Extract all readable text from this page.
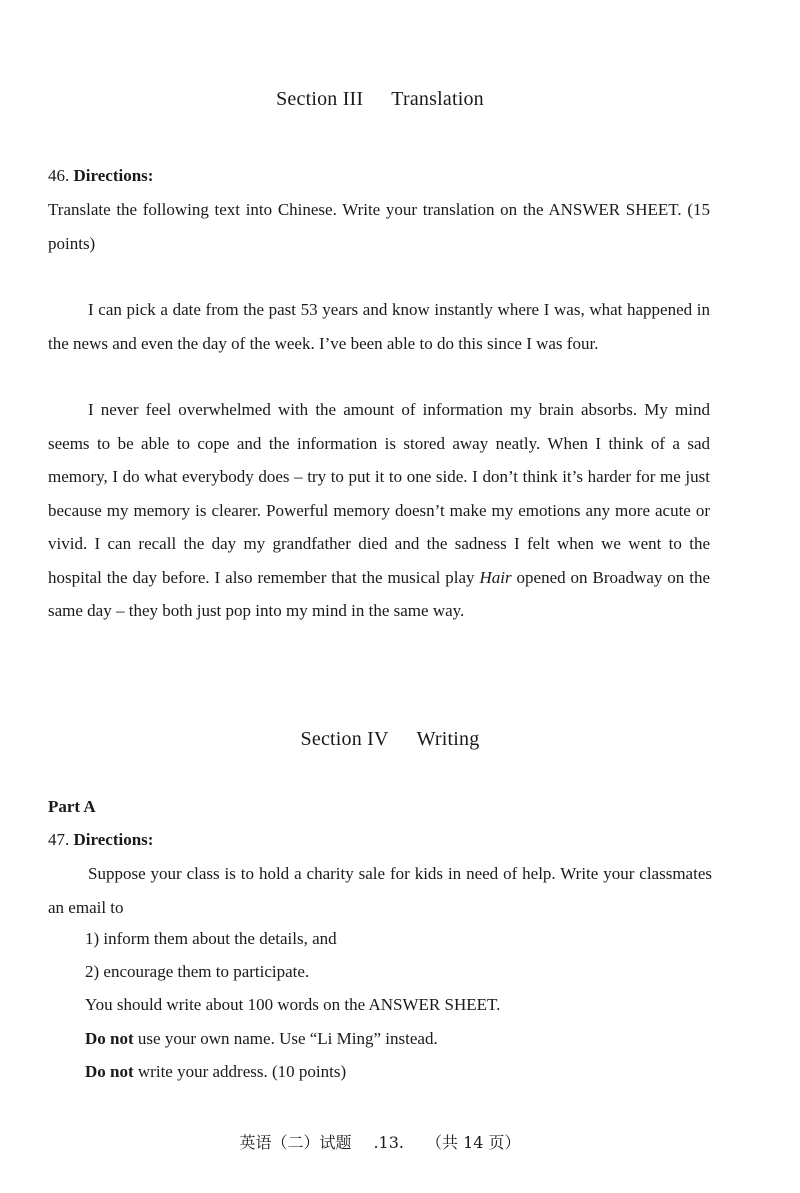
Section III Translation
46. Directions:

Translate the following text into Chinese. Write your translation on the ANSWER SHEET. (15 points)

I can pick a date from the past 53 years and know instantly where I was, what happened in the news and even the day of the week. I’ve been able to do this since I was four.

I never feel overwhelmed with the amount of information my brain absorbs. My mind seems to be able to cope and the information is stored away neatly. When I think of a sad memory, I do what everybody does – try to put it to one side. I don’t think it’s harder for me just because my memory is clearer. Powerful memory doesn’t make my emotions any more acute or vivid. I can recall the day my grandfather died and the sadness I felt when we went to the hospital the day before. I also remember that the musical play Hair opened on Broadway on the same day – they both just pop into my mind in the same way.

Section IV Writing
Part A
47. Directions:

Suppose your class is to hold a charity sale for kids in need of help. Write your classmates an email to

1) inform them about the details, and
2) encourage them to participate.
You should write about 100 words on the ANSWER SHEET.
Do not use your own name. Use “Li Ming” instead.
Do not write your address. (10 points)
英语（二）试题 .13. （共 14 页）
